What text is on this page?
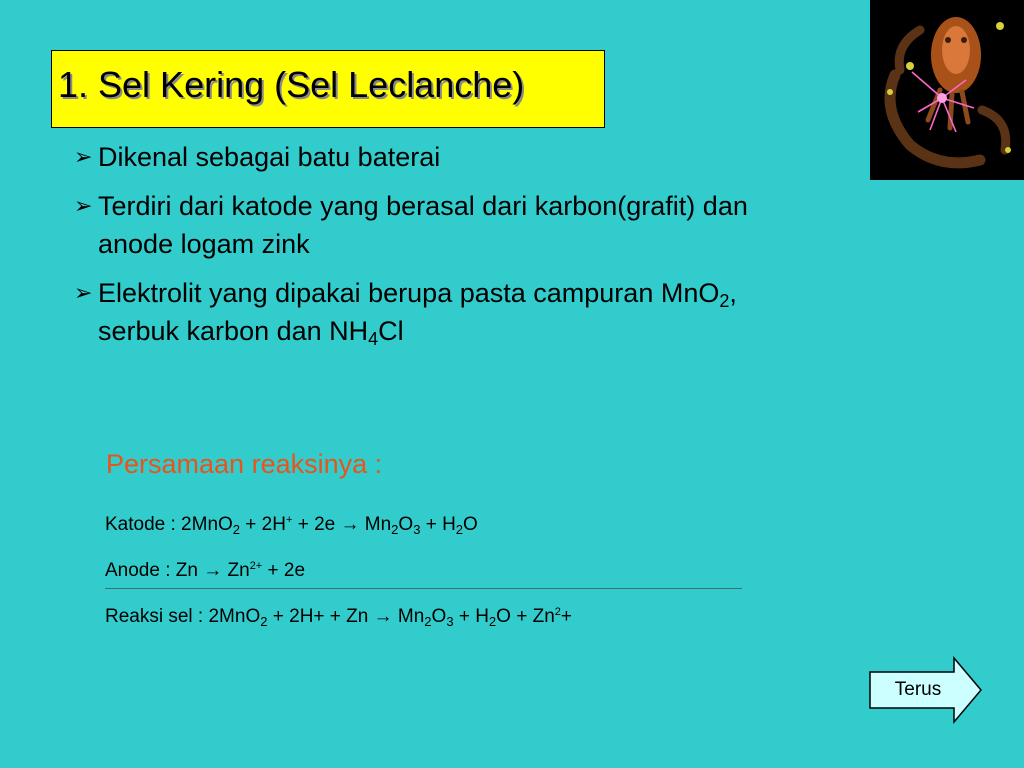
1. Sel Kering (Sel Leclanche)
➢ Dikenal sebagai batu baterai
➢ Terdiri dari katode yang berasal dari karbon(grafit) dan
anode logam zink
➢ Elektrolit yang dipakai berupa pasta campuran MnO$_2$,
serbuk karbon dan $NH_4Cl$
Persamaan reaksinya :
Katode : $2MnO_2 + 2H^+ + 2e \to Mn_2O_3 + H_2O$
Anode : $Zn \to Zn^{2+} + 2e$
Reaksi sel : $2MnO_2 + 2H+ + Zn \to Mn_2O_3 + H_2O + Zn^2+$
Terus
